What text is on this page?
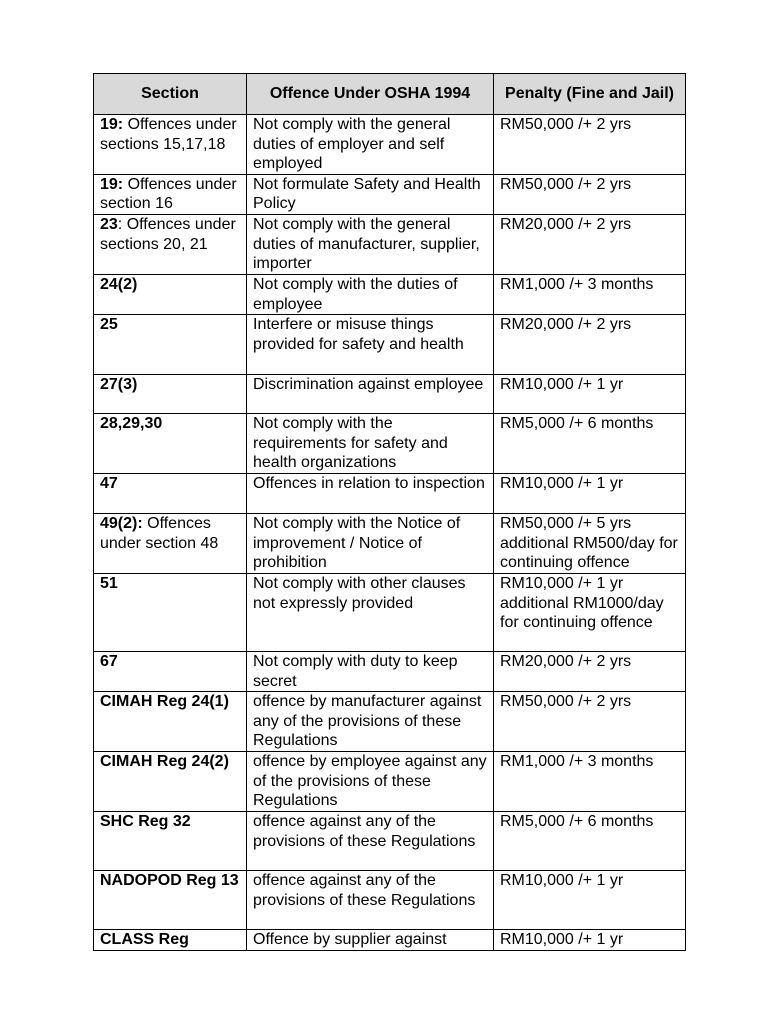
Section	Offence Under OSHA 1994	Penalty (Fine and Jail)
19: Offences under sections 15,17,18	Not comply with the general duties of employer and self employed	RM50,000 /+ 2 yrs
19: Offences under section 16	Not formulate Safety and Health Policy	RM50,000 /+ 2 yrs
23: Offences under sections 20, 21	Not comply with the general duties of manufacturer, supplier, importer	RM20,000 /+ 2 yrs
24(2)	Not comply with the duties of employee	RM1,000 /+ 3 months
25	Interfere or misuse things provided for safety and health	RM20,000 /+ 2 yrs
27(3)	Discrimination against employee	RM10,000 /+ 1 yr
28,29,30	Not comply with the requirements for safety and health organizations	RM5,000 /+ 6 months
47	Offences in relation to inspection	RM10,000 /+ 1 yr
49(2): Offences under section 48	Not comply with the Notice of improvement / Notice of prohibition	RM50,000 /+ 5 yrs additional RM500/day for continuing offence
51	Not comply with other clauses not expressly provided	RM10,000 /+ 1 yr additional RM1000/day for continuing offence
67	Not comply with duty to keep secret	RM20,000 /+ 2 yrs
CIMAH Reg 24(1)	offence by manufacturer against any of the provisions of these Regulations	RM50,000 /+ 2 yrs
CIMAH Reg 24(2)	offence by employee against any of the provisions of these Regulations	RM1,000 /+ 3 months
SHC Reg 32	offence against any of the provisions of these Regulations	RM5,000 /+ 6 months
NADOPOD Reg 13	offence against any of the provisions of these Regulations	RM10,000 /+ 1 yr
CLASS Reg	Offence by supplier against	RM10,000 /+ 1 yr
